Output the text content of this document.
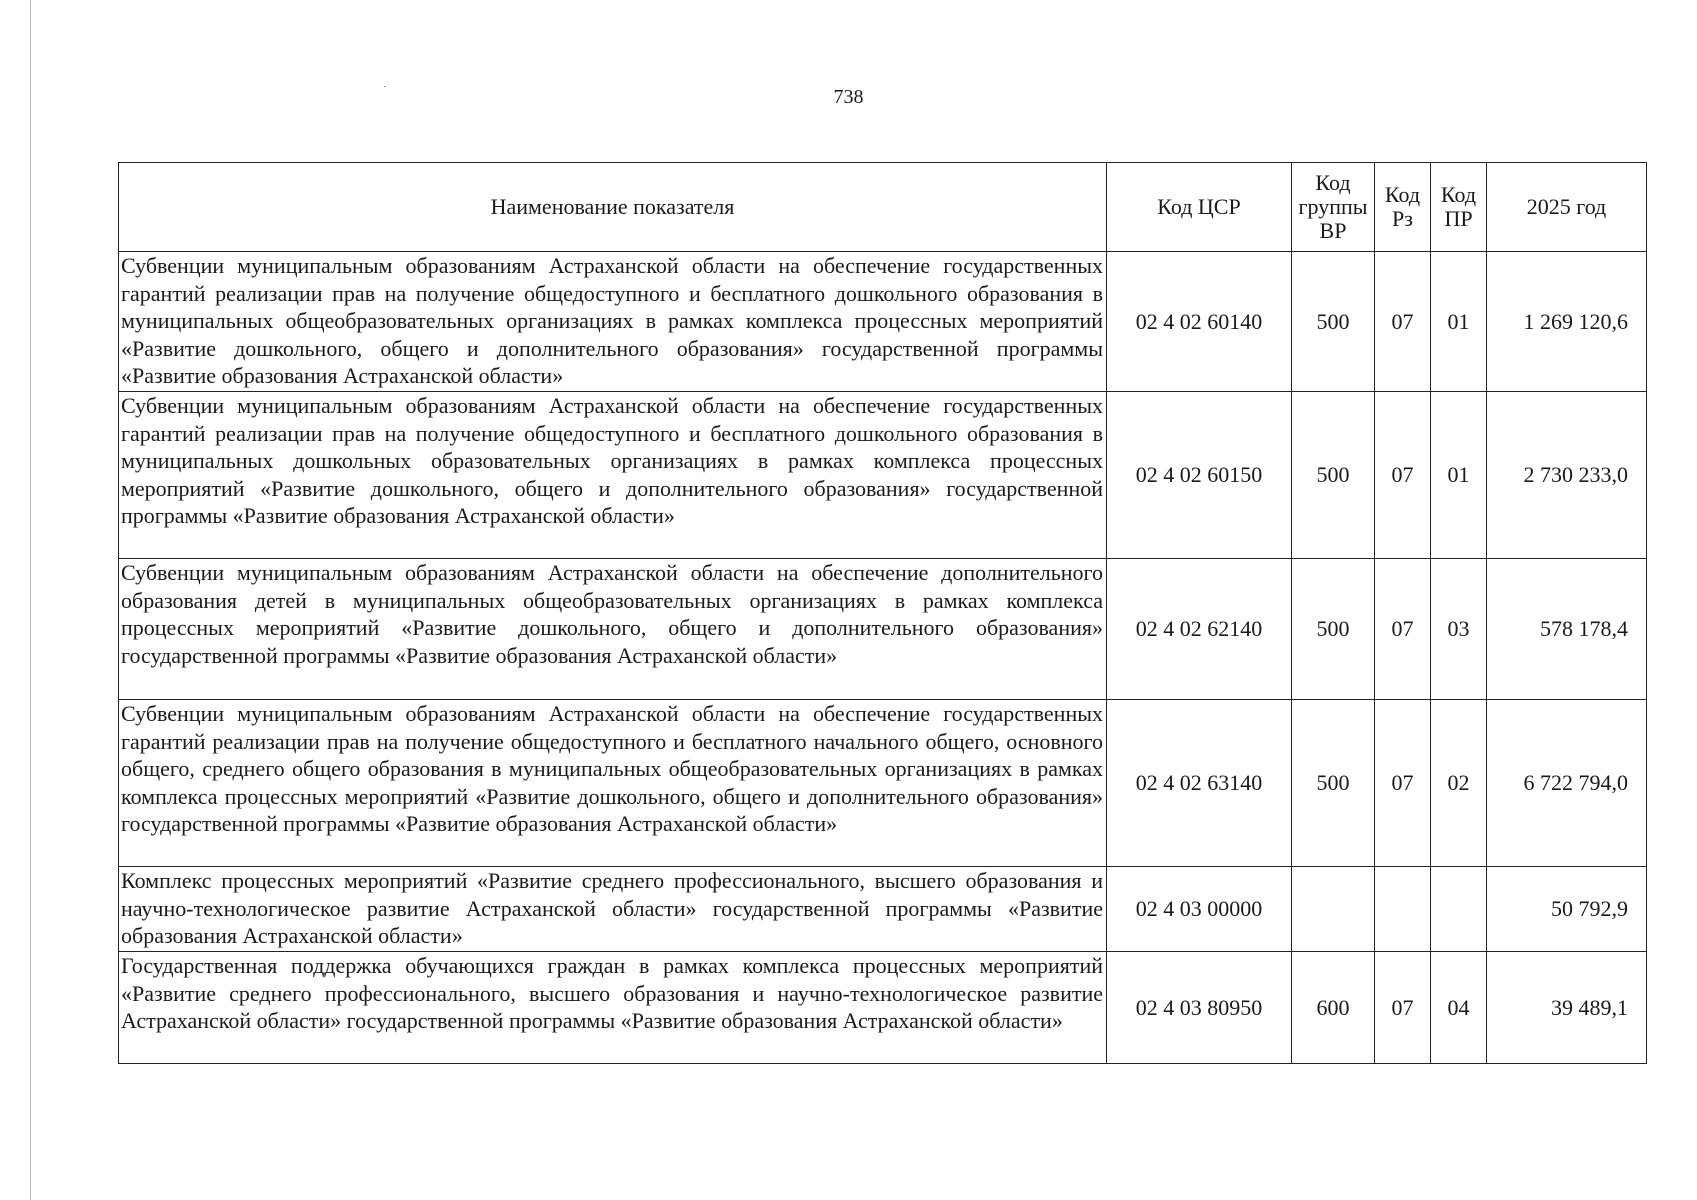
738
Наименование показателя	Код ЦСР	Код группы ВР	Код Рз	Код ПР	2025 год
Субвенции муниципальным образованиям Астраханской области на обеспечение государственных гарантий реализации прав на получение общедоступного и бесплатного дошкольного образования в муниципальных общеобразовательных организациях в рамках комплекса процессных мероприятий «Развитие дошкольного, общего и дополнительного образования» государственной программы «Развитие образования Астраханской области»	02 4 02 60140	500	07	01	1 269 120,6
Субвенции муниципальным образованиям Астраханской области на обеспечение государственных гарантий реализации прав на получение общедоступного и бесплатного дошкольного образования в муниципальных дошкольных образовательных организациях в рамках комплекса процессных мероприятий «Развитие дошкольного, общего и дополнительного образования» государственной программы «Развитие образования Астраханской области»	02 4 02 60150	500	07	01	2 730 233,0
Субвенции муниципальным образованиям Астраханской области на обеспечение дополнительного образования детей в муниципальных общеобразовательных организациях в рамках комплекса процессных мероприятий «Развитие дошкольного, общего и дополнительного образования» государственной программы «Развитие образования Астраханской области»	02 4 02 62140	500	07	03	578 178,4
Субвенции муниципальным образованиям Астраханской области на обеспечение государственных гарантий реализации прав на получение общедоступного и бесплатного начального общего, основного общего, среднего общего образования в муниципальных общеобразовательных организациях в рамках комплекса процессных мероприятий «Развитие дошкольного, общего и дополнительного образования» государственной программы «Развитие образования Астраханской области»	02 4 02 63140	500	07	02	6 722 794,0
Комплекс процессных мероприятий «Развитие среднего профессионального, высшего образования и научно-технологическое развитие Астраханской области» государственной программы «Развитие образования Астраханской области»	02 4 03 00000				50 792,9
Государственная поддержка обучающихся граждан в рамках комплекса процессных мероприятий «Развитие среднего профессионального, высшего образования и научно-технологическое развитие Астраханской области» государственной программы «Развитие образования Астраханской области»	02 4 03 80950	600	07	04	39 489,1
